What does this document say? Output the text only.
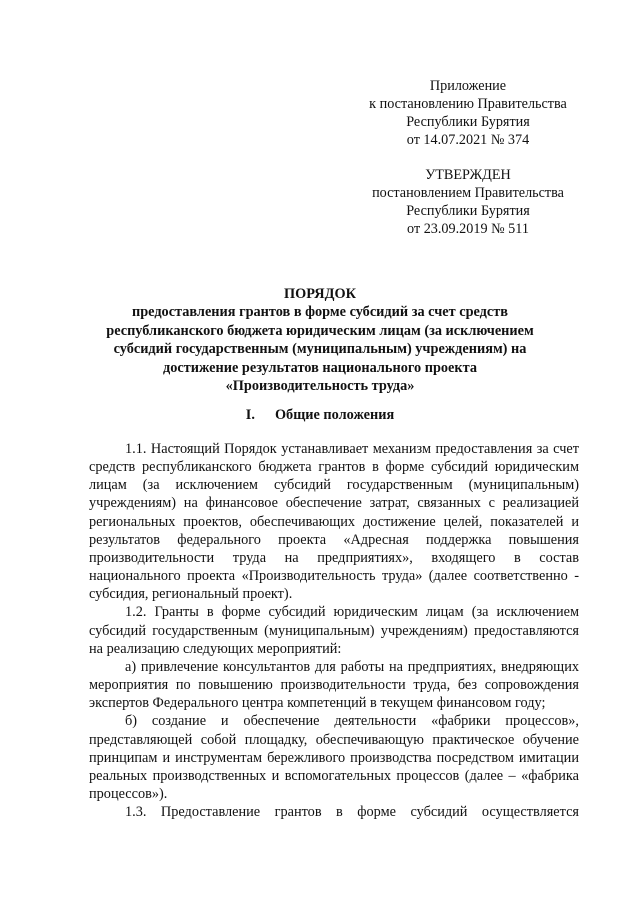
Приложение
к постановлению Правительства
Республики Бурятия
от 14.07.2021 № 374
УТВЕРЖДЕН
постановлением Правительства
Республики Бурятия
от 23.09.2019 № 511
ПОРЯДОК
предоставления грантов в форме субсидий за счет средств
республиканского бюджета юридическим лицам (за исключением
субсидий государственным (муниципальным) учреждениям) на
достижение результатов национального проекта
«Производительность труда»
I. Общие положения

1.1. Настоящий Порядок устанавливает механизм предоставления за счет средств республиканского бюджета грантов в форме субсидий юридическим лицам (за исключением субсидий государственным (муниципальным) учреждениям) на финансовое обеспечение затрат, связанных с реализацией региональных проектов, обеспечивающих достижение целей, показателей и результатов федерального проекта «Адресная поддержка повышения производительности труда на предприятиях», входящего в состав национального проекта «Производительность труда» (далее соответственно - субсидия, региональный проект).

1.2. Гранты в форме субсидий юридическим лицам (за исключением субсидий государственным (муниципальным) учреждениям) предоставляются на реализацию следующих мероприятий:

а) привлечение консультантов для работы на предприятиях, внедряющих мероприятия по повышению производительности труда, без сопровождения экспертов Федерального центра компетенций в текущем финансовом году;

б) создание и обеспечение деятельности «фабрики процессов», представляющей собой площадку, обеспечивающую практическое обучение принципам и инструментам бережливого производства посредством имитации реальных производственных и вспомогательных процессов (далее – «фабрика процессов»).

1.3. Предоставление грантов в форме субсидий осуществляется
